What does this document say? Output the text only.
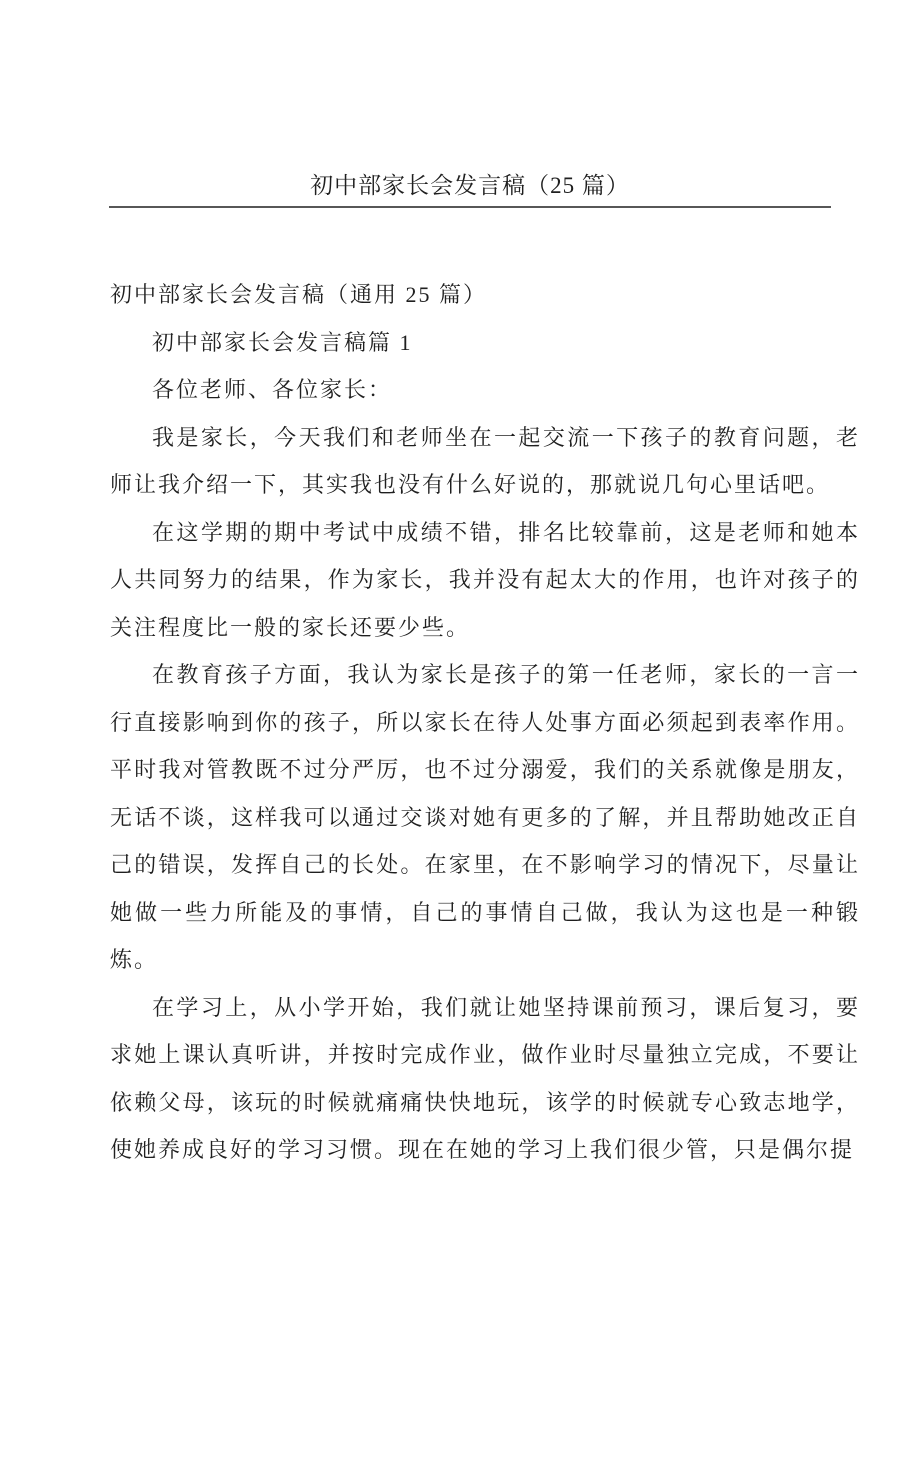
初中部家长会发言稿（25 篇）

初中部家长会发言稿（通用 25 篇）

初中部家长会发言稿篇 1

各位老师、各位家长：

我是家长，今天我们和老师坐在一起交流一下孩子的教育问题，老师让我介绍一下，其实我也没有什么好说的，那就说几句心里话吧。

在这学期的期中考试中成绩不错，排名比较靠前，这是老师和她本人共同努力的结果，作为家长，我并没有起太大的作用，也许对孩子的关注程度比一般的家长还要少些。

在教育孩子方面，我认为家长是孩子的第一任老师，家长的一言一行直接影响到你的孩子，所以家长在待人处事方面必须起到表率作用。平时我对管教既不过分严厉，也不过分溺爱，我们的关系就像是朋友，无话不谈，这样我可以通过交谈对她有更多的了解，并且帮助她改正自己的错误，发挥自己的长处。在家里，在不影响学习的情况下，尽量让她做一些力所能及的事情，自己的事情自己做，我认为这也是一种锻炼。

在学习上，从小学开始，我们就让她坚持课前预习，课后复习，要求她上课认真听讲，并按时完成作业，做作业时尽量独立完成，不要让依赖父母，该玩的时候就痛痛快快地玩，该学的时候就专心致志地学，使她养成良好的学习习惯。现在在她的学习上我们很少管，只是偶尔提
